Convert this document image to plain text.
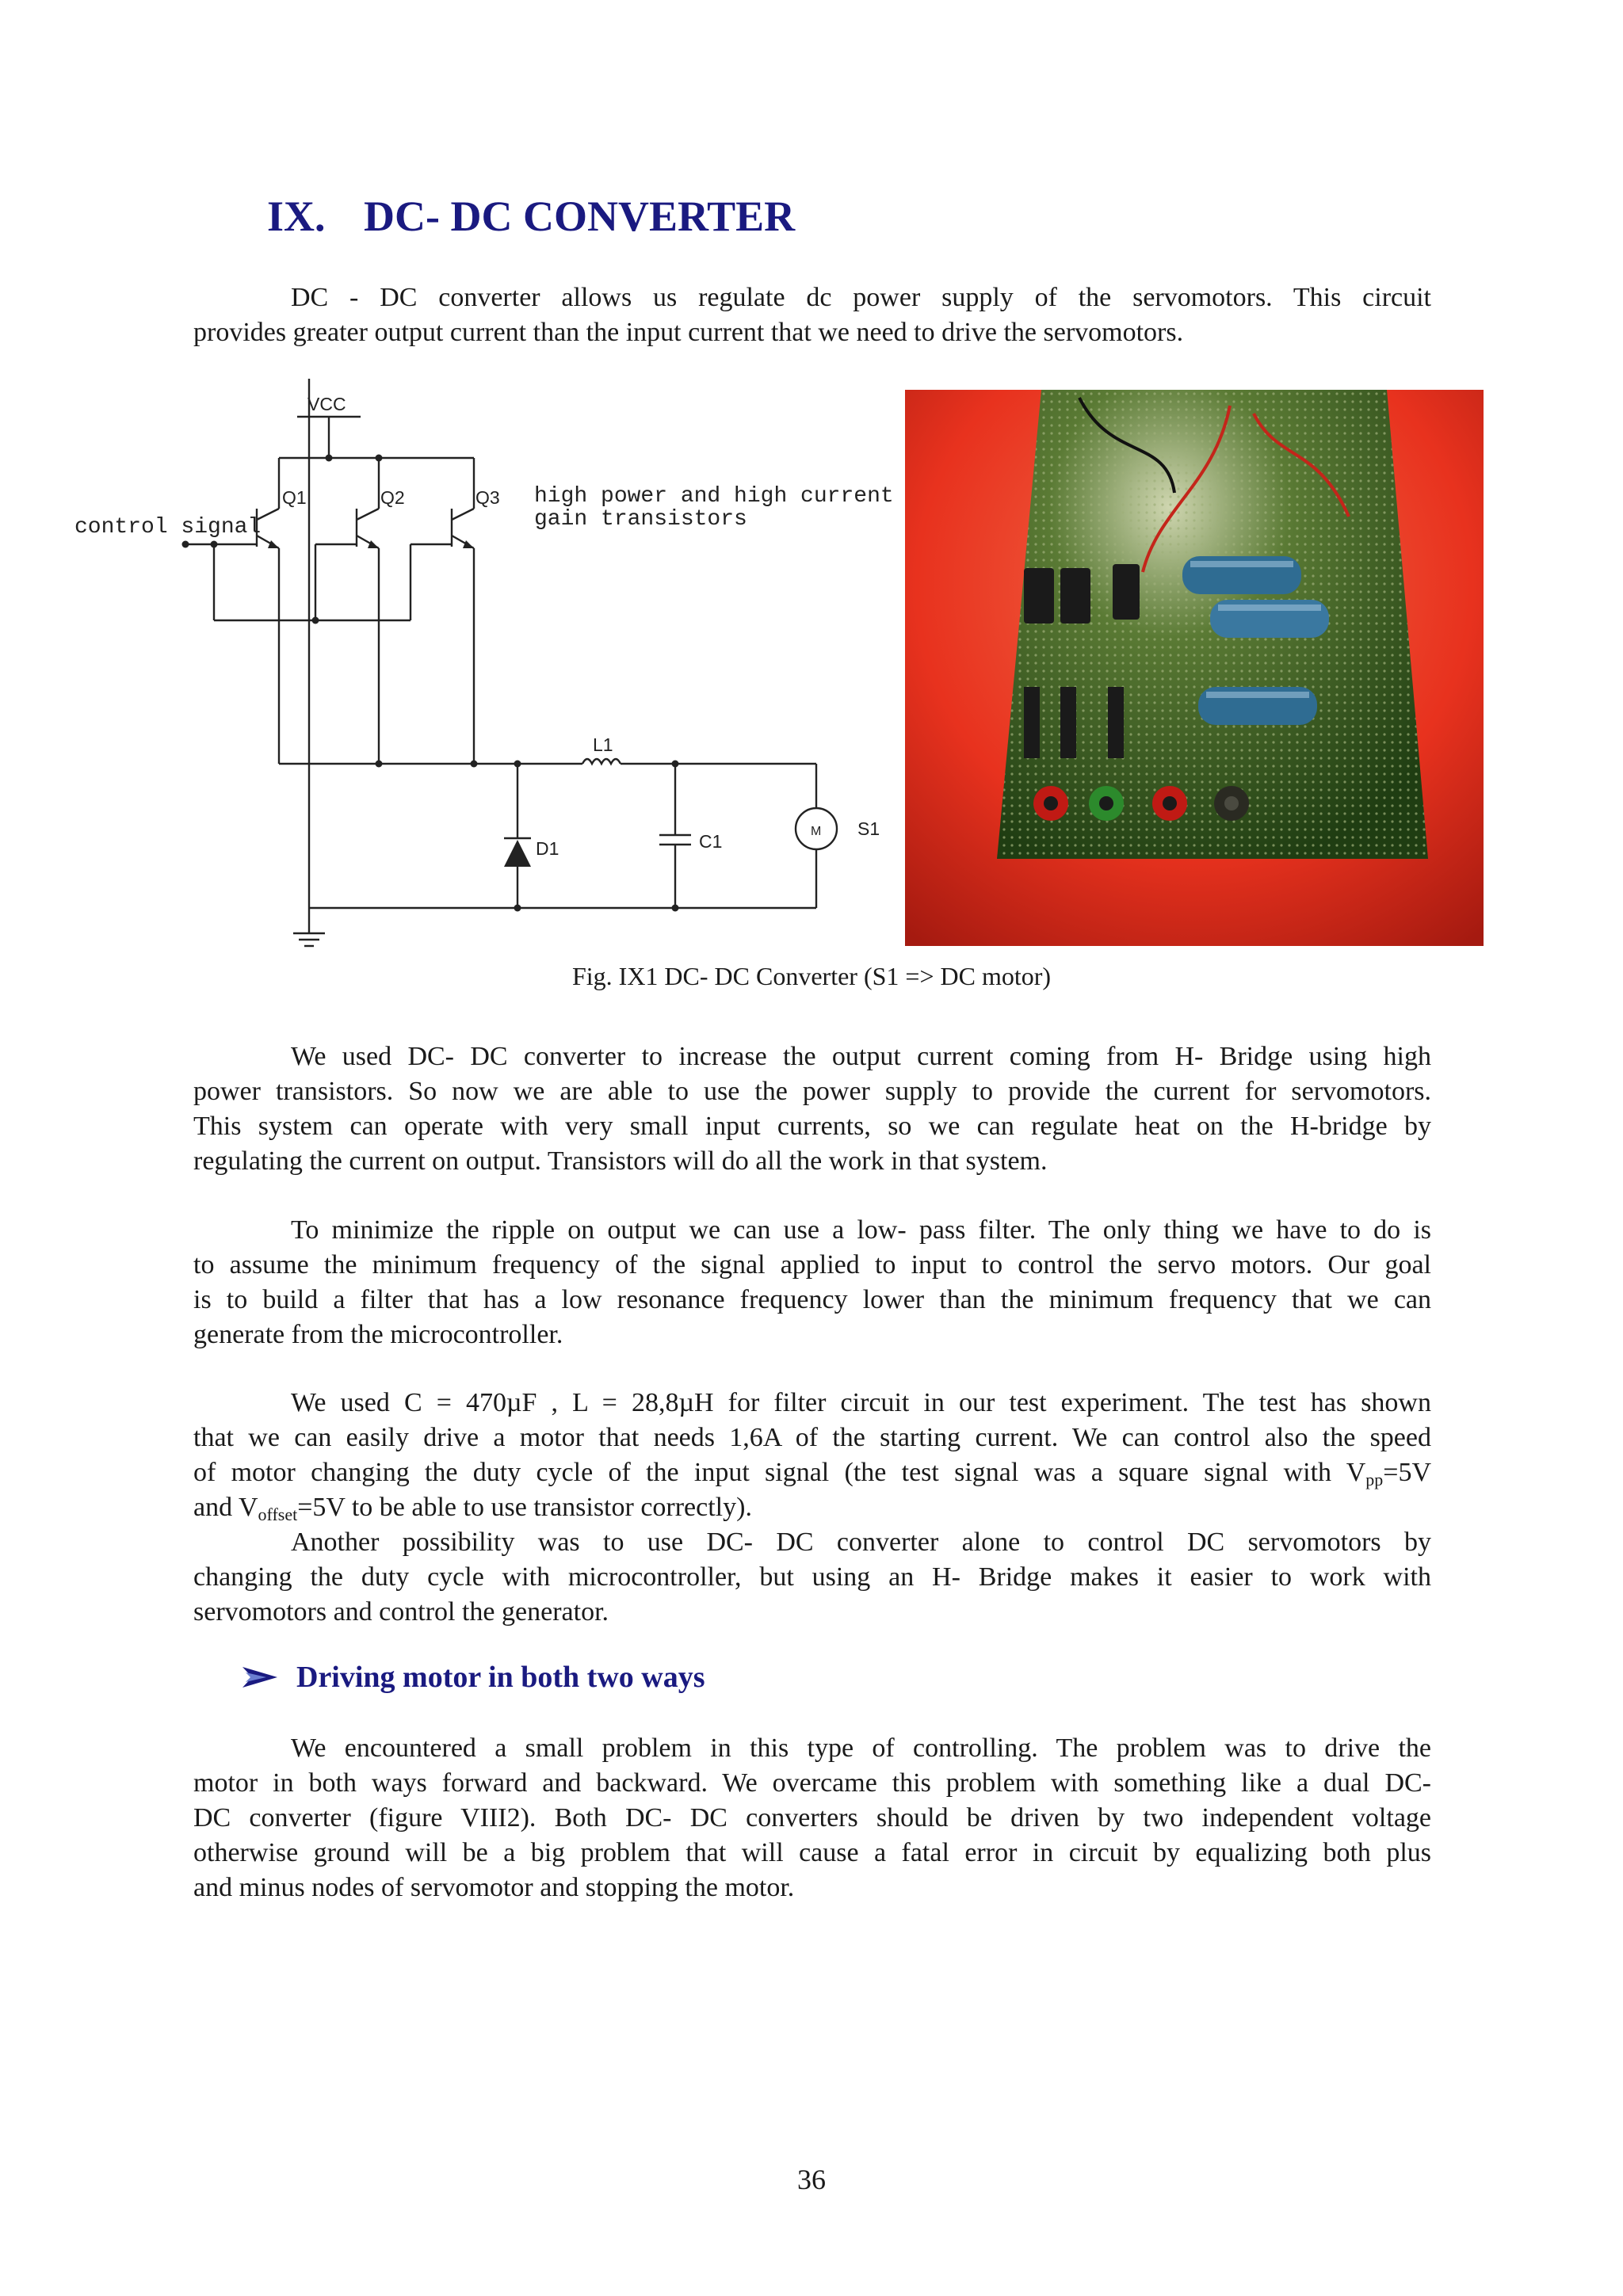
IX. DC- DC CONVERTER

DC - DC converter allows us regulate dc power supply of the servomotors. This circuit
provides greater output current than the input current that we need to drive the servomotors.

VCC
Q1	Q2	Q3
control signal
high power and high current
gain transistors
L1
D1	C1
S1
M

Fig. IX1 DC- DC Converter (S1 => DC motor)

We used DC- DC converter to increase the output current coming from H- Bridge using high
power transistors. So now we are able to use the power supply to provide the current for servomotors.
This system can operate with very small input currents, so we can regulate heat on the H-bridge by
regulating the current on output. Transistors will do all the work in that system.

To minimize the ripple on output we can use a low- pass filter. The only thing we have to do is
to assume the minimum frequency of the signal applied to input to control the servo motors. Our goal
is to build a filter that has a low resonance frequency lower than the minimum frequency that we can
generate from the microcontroller.

We used C = 470µF , L = 28,8µH for filter circuit in our test experiment. The test has shown
that we can easily drive a motor that needs 1,6A of the starting current. We can control also the speed
of motor changing the duty cycle of the input signal (the test signal was a square signal with $V_{pp}=5V$
and $V_{offset}=5V$ to be able to use transistor correctly).

Another possibility was to use DC- DC converter alone to control DC servomotors by
changing the duty cycle with microcontroller, but using an H- Bridge makes it easier to work with
servomotors and control the generator.

Driving motor in both two ways

We encountered a small problem in this type of controlling. The problem was to drive the
motor in both ways forward and backward. We overcame this problem with something like a dual DC-
DC converter (figure VIII2). Both DC- DC converters should be driven by two independent voltage
otherwise ground will be a big problem that will cause a fatal error in circuit by equalizing both plus
and minus nodes of servomotor and stopping the motor.

36
